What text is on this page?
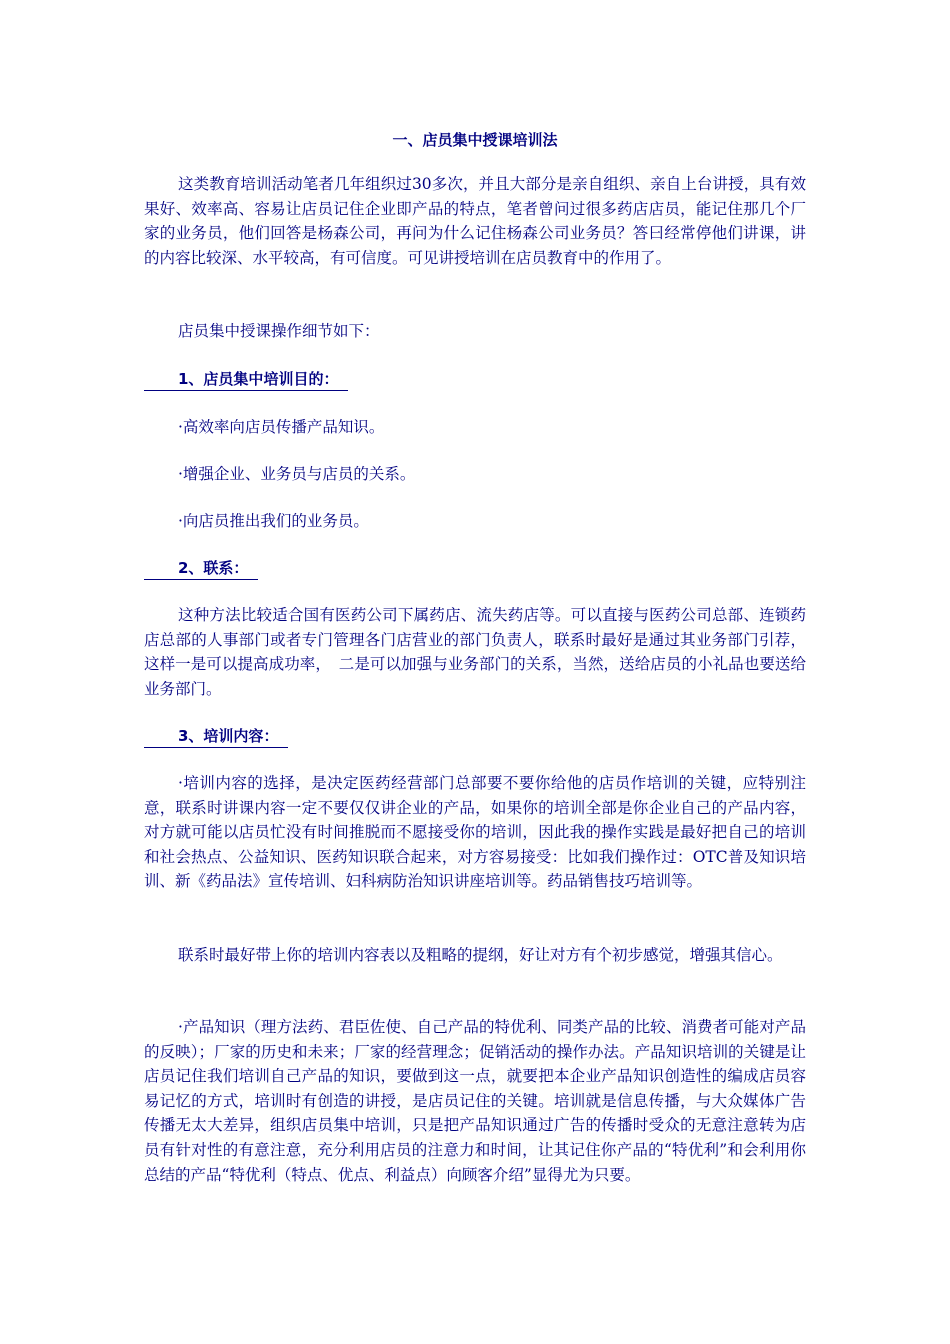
一、店员集中授课培训法

这类教育培训活动笔者几年组织过30多次，并且大部分是亲自组织、亲自上台讲授，具有效果好、效率高、容易让店员记住企业即产品的特点，笔者曾问过很多药店店员，能记住那几个厂家的业务员，他们回答是杨森公司，再问为什么记住杨森公司业务员？答曰经常停他们讲课，讲的内容比较深、水平较高，有可信度。可见讲授培训在店员教育中的作用了。

店员集中授课操作细节如下：

1、店员集中培训目的：

·高效率向店员传播产品知识。

·增强企业、业务员与店员的关系。

·向店员推出我们的业务员。

2、联系：

这种方法比较适合国有医药公司下属药店、流失药店等。可以直接与医药公司总部、连锁药店总部的人事部门或者专门管理各门店营业的部门负责人，联系时最好是通过其业务部门引荐，这样一是可以提高成功率，　二是可以加强与业务部门的关系，当然，送给店员的小礼品也要送给业务部门。

3、培训内容：

·培训内容的选择，是决定医药经营部门总部要不要你给他的店员作培训的关键，应特别注意，联系时讲课内容一定不要仅仅讲企业的产品，如果你的培训全部是你企业自己的产品内容，对方就可能以店员忙没有时间推脱而不愿接受你的培训，因此我的操作实践是最好把自己的培训和社会热点、公益知识、医药知识联合起来，对方容易接受：比如我们操作过：OTC普及知识培训、新《药品法》宣传培训、妇科病防治知识讲座培训等。药品销售技巧培训等。

联系时最好带上你的培训内容表以及粗略的提纲，好让对方有个初步感觉，增强其信心。

·产品知识（理方法药、君臣佐使、自己产品的特优利、同类产品的比较、消费者可能对产品的反映）；厂家的历史和未来；厂家的经营理念；促销活动的操作办法。产品知识培训的关键是让店员记住我们培训自己产品的知识，要做到这一点，就要把本企业产品知识创造性的编成店员容易记忆的方式，培训时有创造的讲授，是店员记住的关键。培训就是信息传播，与大众媒体广告传播无太大差异，组织店员集中培训，只是把产品知识通过广告的传播时受众的无意注意转为店员有针对性的有意注意，充分利用店员的注意力和时间，让其记住你产品的“特优利”和会利用你总结的产品“特优利（特点、优点、利益点）向顾客介绍”显得尤为只要。
